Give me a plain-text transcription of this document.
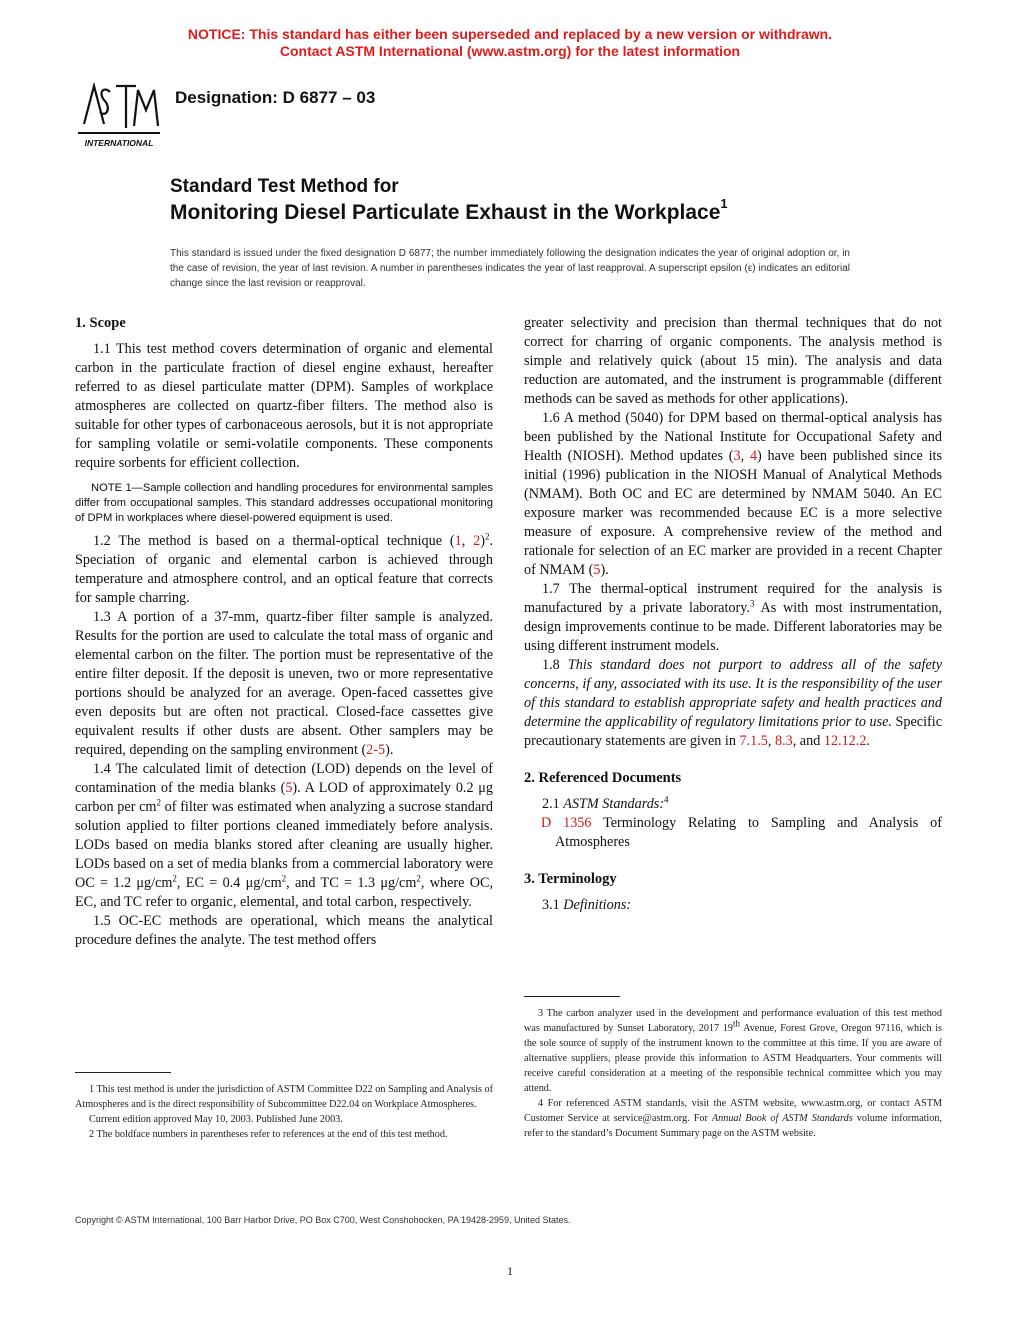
NOTICE: This standard has either been superseded and replaced by a new version or withdrawn.
Contact ASTM International (www.astm.org) for the latest information
INTERNATIONAL
Designation: D 6877 – 03
Standard Test Method for
Monitoring Diesel Particulate Exhaust in the Workplace$^1$
This standard is issued under the fixed designation D 6877; the number immediately following the designation indicates the year of original adoption or, in the case of revision, the year of last revision. A number in parentheses indicates the year of last reapproval. A superscript epsilon (ε) indicates an editorial change since the last revision or reapproval.

1. Scope

1.1 This test method covers determination of organic and elemental carbon in the particulate fraction of diesel engine exhaust, hereafter referred to as diesel particulate matter (DPM). Samples of workplace atmospheres are collected on quartz-fiber filters. The method also is suitable for other types of carbonaceous aerosols, but it is not appropriate for sampling volatile or semi-volatile components. These components require sorbents for efficient collection.

NOTE 1—Sample collection and handling procedures for environmental samples differ from occupational samples. This standard addresses occupational monitoring of DPM in workplaces where diesel-powered equipment is used.

1.2 The method is based on a thermal-optical technique (1, 2)$^2$. Speciation of organic and elemental carbon is achieved through temperature and atmosphere control, and an optical feature that corrects for sample charring.

1.3 A portion of a 37-mm, quartz-fiber filter sample is analyzed. Results for the portion are used to calculate the total mass of organic and elemental carbon on the filter. The portion must be representative of the entire filter deposit. If the deposit is uneven, two or more representative portions should be analyzed for an average. Open-faced cassettes give even deposits but are often not practical. Closed-face cassettes give equivalent results if other dusts are absent. Other samplers may be required, depending on the sampling environment (2-5).

1.4 The calculated limit of detection (LOD) depends on the level of contamination of the media blanks (5). A LOD of approximately 0.2 μg carbon per $cm^2$ of filter was estimated when analyzing a sucrose standard solution applied to filter portions cleaned immediately before analysis. LODs based on media blanks stored after cleaning are usually higher. LODs based on a set of media blanks from a commercial laboratory were OC = 1.2 $\mu g/cm^2$, EC = 0.4 $\mu g/cm^2$, and TC = 1.3 $\mu g/cm^2$, where OC, EC, and TC refer to organic, elemental, and total carbon, respectively.

1.5 OC-EC methods are operational, which means the analytical procedure defines the analyte. The test method offers

greater selectivity and precision than thermal techniques that do not correct for charring of organic components. The analysis method is simple and relatively quick (about 15 min). The analysis and data reduction are automated, and the instrument is programmable (different methods can be saved as methods for other applications).

1.6 A method (5040) for DPM based on thermal-optical analysis has been published by the National Institute for Occupational Safety and Health (NIOSH). Method updates (3, 4) have been published since its initial (1996) publication in the NIOSH Manual of Analytical Methods (NMAM). Both OC and EC are determined by NMAM 5040. An EC exposure marker was recommended because EC is a more selective measure of exposure. A comprehensive review of the method and rationale for selection of an EC marker are provided in a recent Chapter of NMAM (5).

1.7 The thermal-optical instrument required for the analysis is manufactured by a private laboratory.$^3$ As with most instrumentation, design improvements continue to be made. Different laboratories may be using different instrument models.

1.8 This standard does not purport to address all of the safety concerns, if any, associated with its use. It is the responsibility of the user of this standard to establish appropriate safety and health practices and determine the applicability of regulatory limitations prior to use. Specific precautionary statements are given in 7.1.5, 8.3, and 12.12.2.

2. Referenced Documents

2.1 ASTM Standards:$^4$

D 1356 Terminology Relating to Sampling and Analysis of Atmospheres

3. Terminology

3.1 Definitions:

1 This test method is under the jurisdiction of ASTM Committee D22 on Sampling and Analysis of Atmospheres and is the direct responsibility of Subcommittee D22.04 on Workplace Atmospheres.

Current edition approved May 10, 2003. Published June 2003.

2 The boldface numbers in parentheses refer to references at the end of this test method.

3 The carbon analyzer used in the development and performance evaluation of this test method was manufactured by Sunset Laboratory, 2017 19th Avenue, Forest Grove, Oregon 97116, which is the sole source of supply of the instrument known to the committee at this time. If you are aware of alternative suppliers, please provide this information to ASTM Headquarters. Your comments will receive careful consideration at a meeting of the responsible technical committee which you may attend.

4 For referenced ASTM standards, visit the ASTM website, www.astm.org, or contact ASTM Customer Service at service@astm.org. For Annual Book of ASTM Standards volume information, refer to the standard’s Document Summary page on the ASTM website.

Copyright © ASTM International, 100 Barr Harbor Drive, PO Box C700, West Conshohocken, PA 19428-2959, United States.
1
